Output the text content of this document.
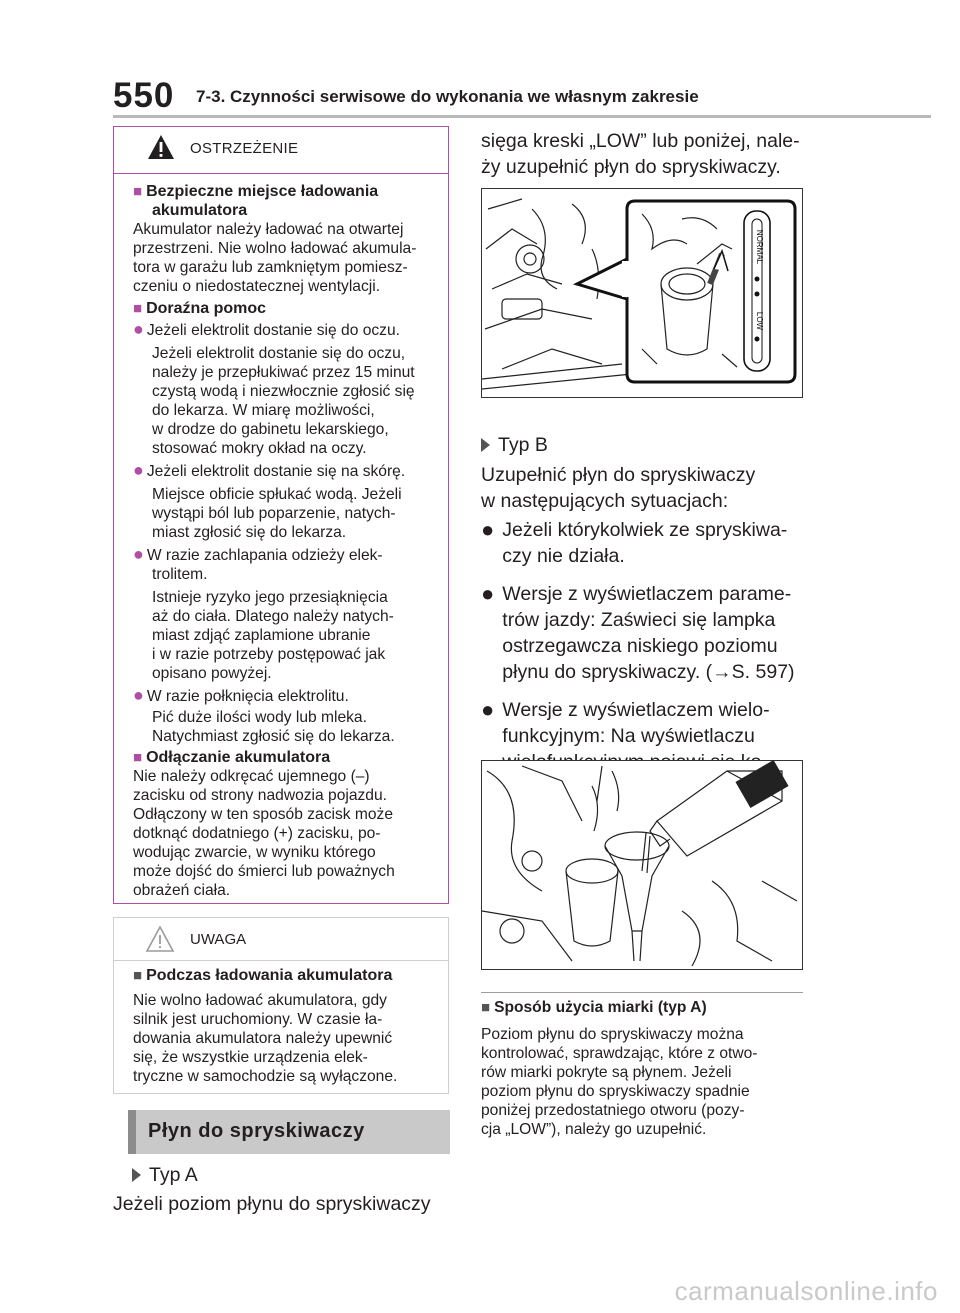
550 7-3. Czynności serwisowe do wykonania we własnym zakresie
OSTRZEŻENIE

■ Bezpieczne miejsce ładowania

akumulatora

Akumulator należy ładować na otwartej

przestrzeni. Nie wolno ładować akumula-

tora w garażu lub zamkniętym pomiesz-

czeniu o niedostatecznej wentylacji.

■ Doraźna pomoc

● Jeżeli elektrolit dostanie się do oczu.

Jeżeli elektrolit dostanie się do oczu,

należy je przepłukiwać przez 15 minut

czystą wodą i niezwłocznie zgłosić się

do lekarza. W miarę możliwości,

w drodze do gabinetu lekarskiego,

stosować mokry okład na oczy.

● Jeżeli elektrolit dostanie się na skórę.

Miejsce obficie spłukać wodą. Jeżeli

wystąpi ból lub poparzenie, natych-

miast zgłosić się do lekarza.

● W razie zachlapania odzieży elek-

trolitem.

Istnieje ryzyko jego przesiąknięcia

aż do ciała. Dlatego należy natych-

miast zdjąć zaplamione ubranie

i w razie potrzeby postępować jak

opisano powyżej.

● W razie połknięcia elektrolitu.

Pić duże ilości wody lub mleka.

Natychmiast zgłosić się do lekarza.

■ Odłączanie akumulatora

Nie należy odkręcać ujemnego (–)

zacisku od strony nadwozia pojazdu.

Odłączony w ten sposób zacisk może

dotknąć dodatniego (+) zacisku, po-

wodując zwarcie, w wyniku którego

może dojść do śmierci lub poważnych

obrażeń ciała.

UWAGA

■ Podczas ładowania akumulatora

Nie wolno ładować akumulatora, gdy

silnik jest uruchomiony. W czasie ła-

dowania akumulatora należy upewnić

się, że wszystkie urządzenia elek-

tryczne w samochodzie są wyłączone.

Płyn do spryskiwaczy
Typ A
Jeżeli poziom płynu do spryskiwaczy
sięga kreski „LOW” lub poniżej, nale-
ży uzupełnić płyn do spryskiwaczy.
NORMAL
LOW
Typ B
Uzupełnić płyn do spryskiwaczy
w następujących sytuacjach:
● Jeżeli którykolwiek ze spryskiwa-
czy nie działa.
● Wersje z wyświetlaczem parame-
trów jazdy: Zaświeci się lampka
ostrzegawcza niskiego poziomu
płynu do spryskiwaczy. (→S. 597)
● Wersje z wyświetlaczem wielo-
funkcyjnym: Na wyświetlaczu
■ Sposób użycia miarki (typ A)
Poziom płynu do spryskiwaczy można
kontrolować, sprawdzając, które z otwo-
rów miarki pokryte są płynem. Jeżeli
poziom płynu do spryskiwaczy spadnie
poniżej przedostatniego otworu (pozy-
cja „LOW”), należy go uzupełnić.
carmanualsonline.info
